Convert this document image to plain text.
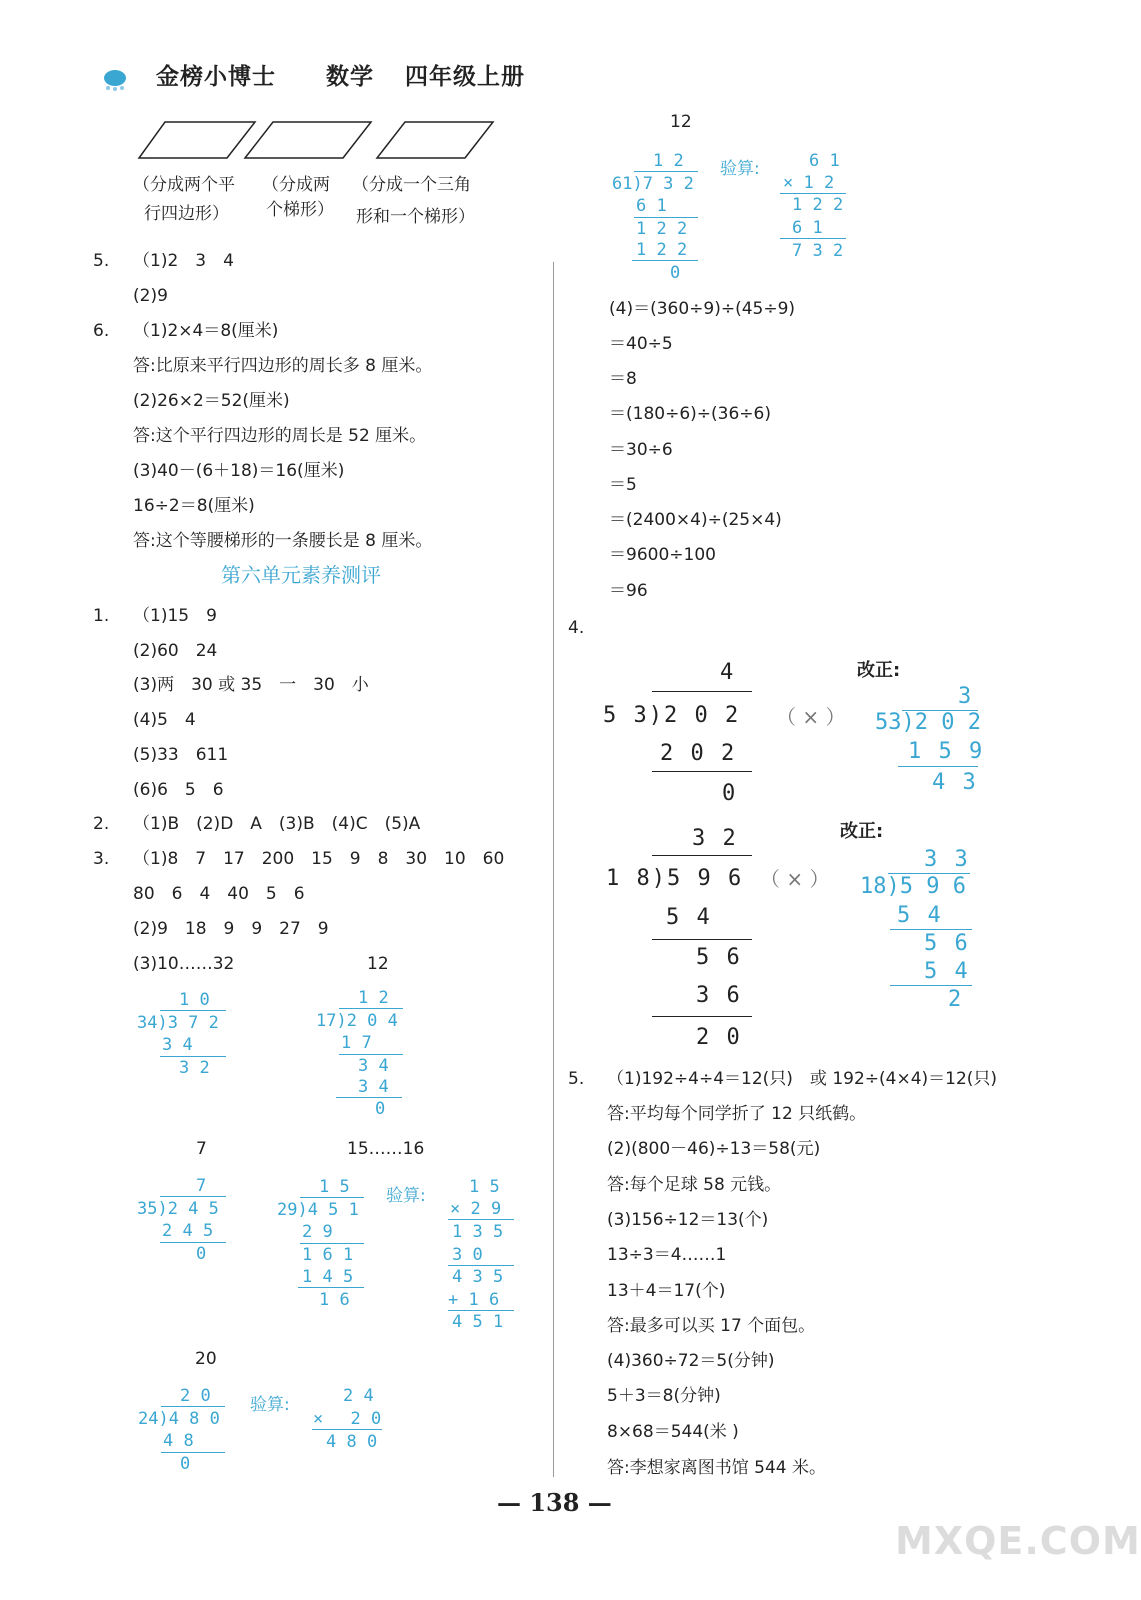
金榜小博士 数学 四年级上册
（分成两个平
行四边形）
（分成两
个梯形）
（分成一个三角
形和一个梯形）
5. （1)2　3　4
(2)9
6. （1)2×4＝8(厘米)
答:比原来平行四边形的周长多 8 厘米。
(2)26×2＝52(厘米)
答:这个平行四边形的周长是 52 厘米。
(3)40－(6＋18)＝16(厘米)
16÷2＝8(厘米)
答:这个等腰梯形的一条腰长是 8 厘米。
第六单元素养测评
1. （1)15　9
(2)60　24
(3)两　30 或 35　一　30　小
(4)5　4
(5)33　611
(6)6　5　6
2. （1)B　(2)D　A　(3)B　(4)C　(5)A
3. （1)8　7　17　200　15　9　8　30　10　60
80　6　4　40　5　6
(2)9　18　9　9　27　9
(3)10……32	12
　1 0
34)3 7 2
3 4
　3 2
　1 2
17)2 0 4
1 7
　3 4
　3 4
　　0
7	15……16
　　7
35)2 4 5
2 4 5
　　0
　1 5
29)4 5 1
2 9
1 6 1
1 4 5
　1 6
验算: 　1 5
× 2 9
1 3 5
3 0
4 3 5
+ 1 6
4 5 1
20
　2 0
24)4 8 0
4 8
　0
验算: 　2 4
× 　2 0
4 8 0
12
　1 2
61)7 3 2
6 1
1 2 2
1 2 2
　　0
验算: 　6 1
× 1 2
1 2 2
6 1
7 3 2
(4)＝(360÷9)÷(45÷9)
＝40÷5
＝8
＝(180÷6)÷(36÷6)
＝30÷6
＝5
＝(2400×4)÷(25×4)
＝9600÷100
＝96
4.
4
5 3)2 0 2
2 0 2
0
（ × ）
改正:
3
53)2 0 2
1 5 9
4 3
3 2
1 8)5 9 6
5 4
5 6
3 6
2 0
（ × ）
改正:
3 3
18)5 9 6
5 4
5 6
5 4
2
5. （1)192÷4÷4＝12(只)　或 192÷(4×4)＝12(只)
答:平均每个同学折了 12 只纸鹤。
(2)(800－46)÷13＝58(元)
答:每个足球 58 元钱。
(3)156÷12＝13(个)
13÷3＝4……1
13＋4＝17(个)
答:最多可以买 17 个面包。
(4)360÷72＝5(分钟)
5＋3＝8(分钟)
8×68＝544(米 )
答:李想家离图书馆 544 米。
— 138 —
MXQE.COM
